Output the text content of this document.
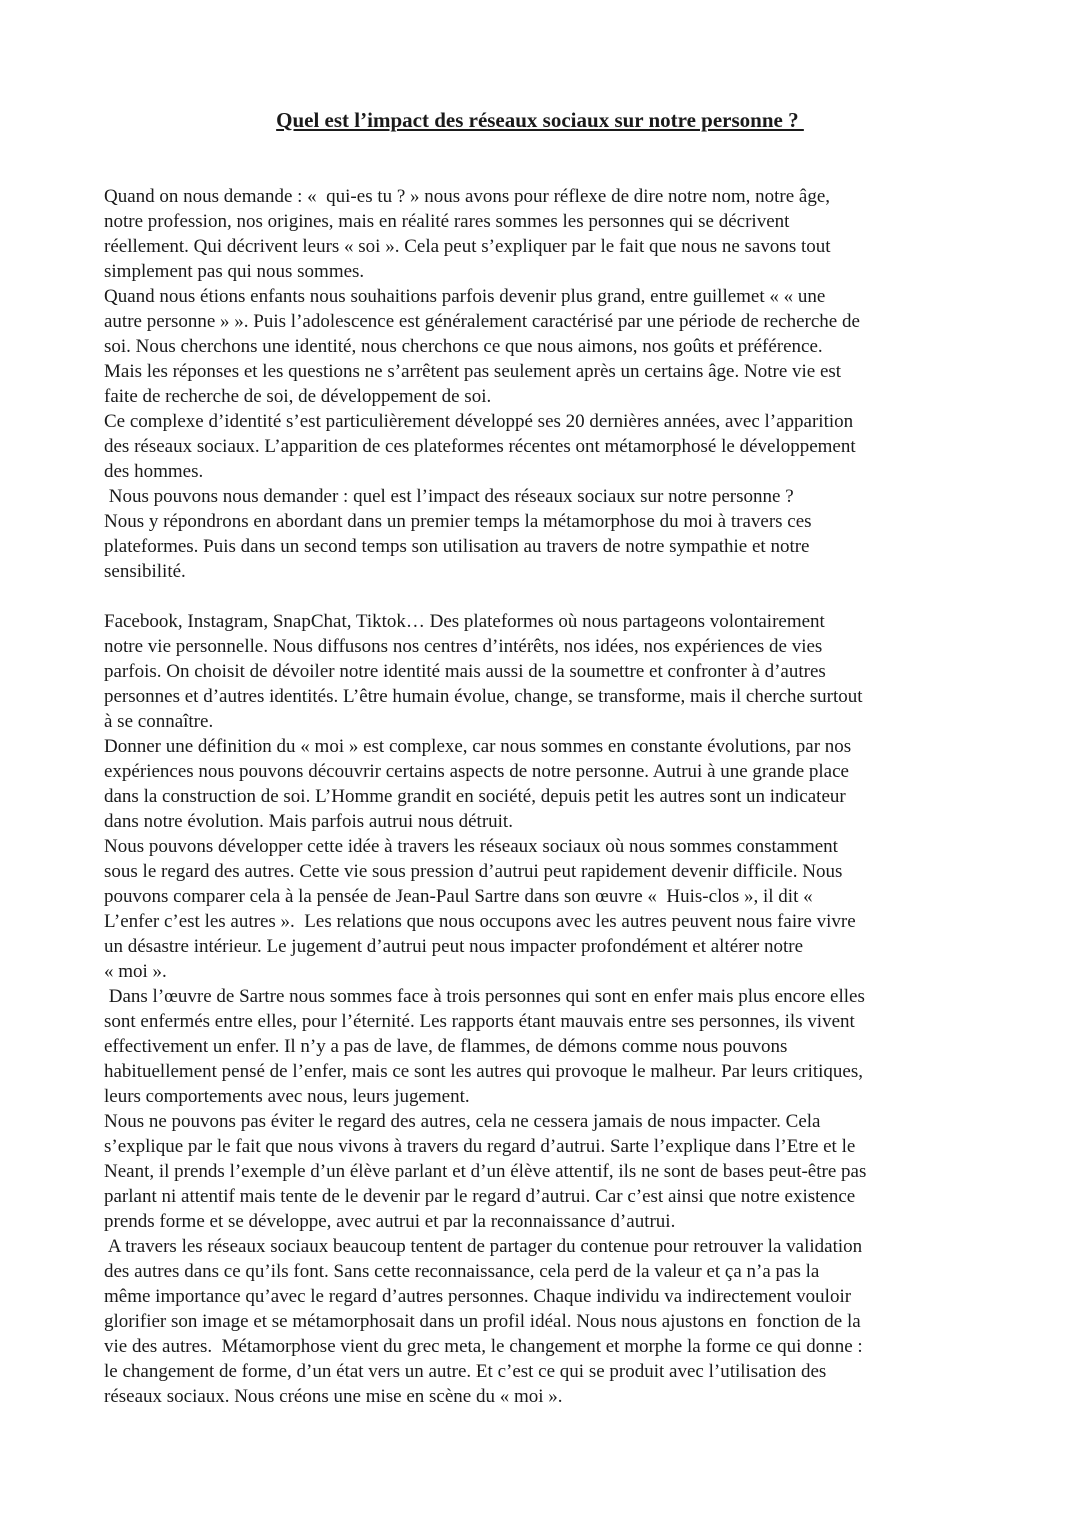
Quel est l’impact des réseaux sociaux sur notre personne ?
Quand on nous demande : «  qui-es tu ? » nous avons pour réflexe de dire notre nom, notre âge,
notre profession, nos origines, mais en réalité rares sommes les personnes qui se décrivent
réellement. Qui décrivent leurs « soi ». Cela peut s’expliquer par le fait que nous ne savons tout
simplement pas qui nous sommes.
Quand nous étions enfants nous souhaitions parfois devenir plus grand, entre guillemet « « une
autre personne » ». Puis l’adolescence est généralement caractérisé par une période de recherche de
soi. Nous cherchons une identité, nous cherchons ce que nous aimons, nos goûts et préférence.
Mais les réponses et les questions ne s’arrêtent pas seulement après un certains âge. Notre vie est
faite de recherche de soi, de développement de soi.
Ce complexe d’identité s’est particulièrement développé ses 20 dernières années, avec l’apparition
des réseaux sociaux. L’apparition de ces plateformes récentes ont métamorphosé le développement
des hommes.
Nous pouvons nous demander : quel est l’impact des réseaux sociaux sur notre personne ?
Nous y répondrons en abordant dans un premier temps la métamorphose du moi à travers ces
plateformes. Puis dans un second temps son utilisation au travers de notre sympathie et notre
sensibilité.
Facebook, Instagram, SnapChat, Tiktok… Des plateformes où nous partageons volontairement
notre vie personnelle. Nous diffusons nos centres d’intérêts, nos idées, nos expériences de vies
parfois. On choisit de dévoiler notre identité mais aussi de la soumettre et confronter à d’autres
personnes et d’autres identités. L’être humain évolue, change, se transforme, mais il cherche surtout
à se connaître.
Donner une définition du « moi » est complexe, car nous sommes en constante évolutions, par nos
expériences nous pouvons découvrir certains aspects de notre personne. Autrui à une grande place
dans la construction de soi. L’Homme grandit en société, depuis petit les autres sont un indicateur
dans notre évolution. Mais parfois autrui nous détruit.
Nous pouvons développer cette idée à travers les réseaux sociaux où nous sommes constamment
sous le regard des autres. Cette vie sous pression d’autrui peut rapidement devenir difficile. Nous
pouvons comparer cela à la pensée de Jean-Paul Sartre dans son œuvre «  Huis-clos », il dit «
L’enfer c’est les autres ».  Les relations que nous occupons avec les autres peuvent nous faire vivre
un désastre intérieur. Le jugement d’autrui peut nous impacter profondément et altérer notre
« moi ».
Dans l’œuvre de Sartre nous sommes face à trois personnes qui sont en enfer mais plus encore elles
sont enfermés entre elles, pour l’éternité. Les rapports étant mauvais entre ses personnes, ils vivent
effectivement un enfer. Il n’y a pas de lave, de flammes, de démons comme nous pouvons
habituellement pensé de l’enfer, mais ce sont les autres qui provoque le malheur. Par leurs critiques,
leurs comportements avec nous, leurs jugement.
Nous ne pouvons pas éviter le regard des autres, cela ne cessera jamais de nous impacter. Cela
s’explique par le fait que nous vivons à travers du regard d’autrui. Sarte l’explique dans l’Etre et le
Neant, il prends l’exemple d’un élève parlant et d’un élève attentif, ils ne sont de bases peut-être pas
parlant ni attentif mais tente de le devenir par le regard d’autrui. Car c’est ainsi que notre existence
prends forme et se développe, avec autrui et par la reconnaissance d’autrui.
A travers les réseaux sociaux beaucoup tentent de partager du contenue pour retrouver la validation
des autres dans ce qu’ils font. Sans cette reconnaissance, cela perd de la valeur et ça n’a pas la
même importance qu’avec le regard d’autres personnes. Chaque individu va indirectement vouloir
glorifier son image et se métamorphosait dans un profil idéal. Nous nous ajustons en  fonction de la
vie des autres.  Métamorphose vient du grec meta, le changement et morphe la forme ce qui donne :
le changement de forme, d’un état vers un autre. Et c’est ce qui se produit avec l’utilisation des
réseaux sociaux. Nous créons une mise en scène du « moi ».
